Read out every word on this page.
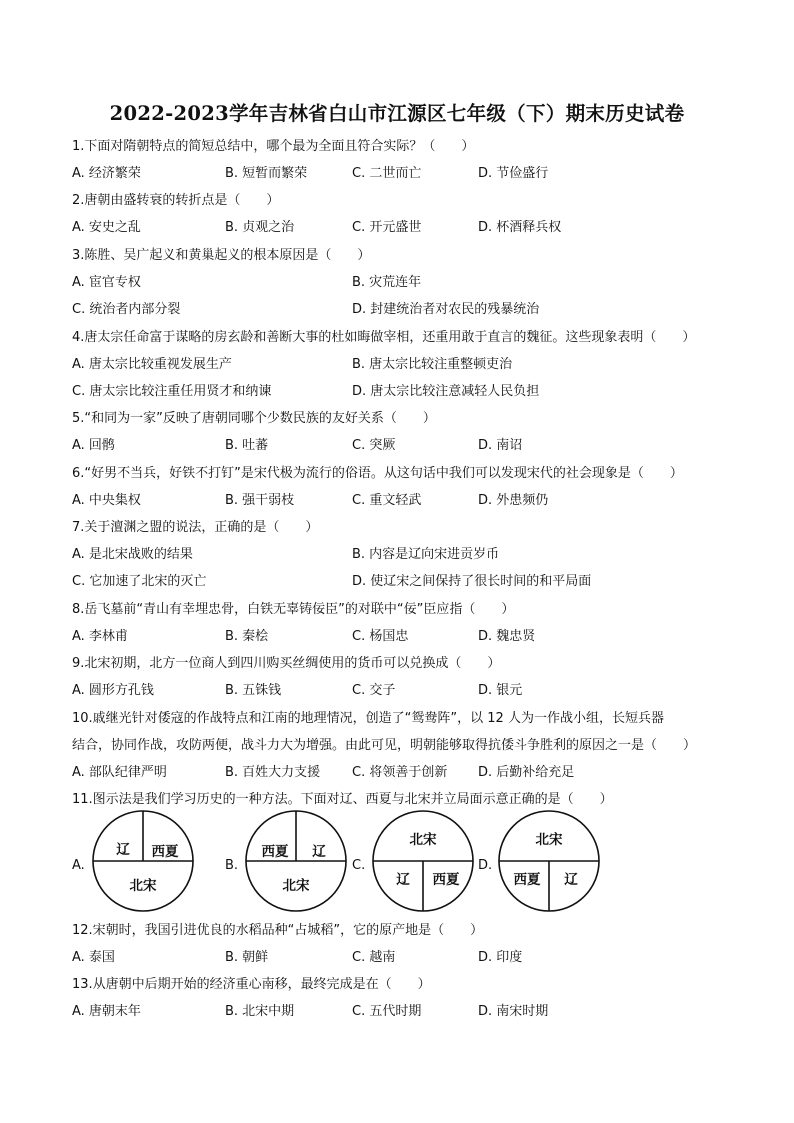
2022-2023学年吉林省白山市江源区七年级（下）期末历史试卷
1.下面对隋朝特点的简短总结中，哪个最为全面且符合实际？（　　）
A. 经济繁荣	B. 短暂而繁荣	C. 二世而亡	D. 节俭盛行
2.唐朝由盛转衰的转折点是（　　）
A. 安史之乱	B. 贞观之治	C. 开元盛世	D. 杯酒释兵权
3.陈胜、吴广起义和黄巢起义的根本原因是（　　）
A. 宦官专权	B. 灾荒连年
C. 统治者内部分裂	D. 封建统治者对农民的残暴统治
4.唐太宗任命富于谋略的房玄龄和善断大事的杜如晦做宰相，还重用敢于直言的魏征。这些现象表明（　　）
A. 唐太宗比较重视发展生产	B. 唐太宗比较注重整顿吏治
C. 唐太宗比较注重任用贤才和纳谏	D. 唐太宗比较注意减轻人民负担
5.“和同为一家”反映了唐朝同哪个少数民族的友好关系（　　）
A. 回鹘	B. 吐蕃	C. 突厥	D. 南诏
6.“好男不当兵，好铁不打钉”是宋代极为流行的俗语。从这句话中我们可以发现宋代的社会现象是（　　）
A. 中央集权	B. 强干弱枝	C. 重文轻武	D. 外患频仍
7.关于澶渊之盟的说法，正确的是（　　）
A. 是北宋战败的结果	B. 内容是辽向宋进贡岁币
C. 它加速了北宋的灭亡	D. 使辽宋之间保持了很长时间的和平局面
8.岳飞墓前“青山有幸埋忠骨，白铁无辜铸佞臣”的对联中“佞”臣应指（　　）
A. 李林甫	B. 秦桧	C. 杨国忠	D. 魏忠贤
9.北宋初期，北方一位商人到四川购买丝绸使用的货币可以兑换成（　　）
A. 圆形方孔钱	B. 五铢钱	C. 交子	D. 银元
10.戚继光针对倭寇的作战特点和江南的地理情况，创造了“鸳鸯阵”，以 12 人为一作战小组，长短兵器
结合，协同作战，攻防两便，战斗力大为增强。由此可见，明朝能够取得抗倭斗争胜利的原因之一是（　　）
A. 部队纪律严明	B. 百姓大力支援 C. 将领善于创新 D. 后勤补给充足
11.图示法是我们学习历史的一种方法。下面对辽、西夏与北宋并立局面示意正确的是（　　）
A.
辽 西夏
北宋
B.
西夏 辽
北宋
C.
北宋
辽 西夏
D.
北宋
西夏 辽
12.宋朝时，我国引进优良的水稻品种“占城稻”，它的原产地是（　　）
A. 泰国	B. 朝鲜	C. 越南	D. 印度
13.从唐朝中后期开始的经济重心南移，最终完成是在（　　）
A. 唐朝末年	B. 北宋中期	C. 五代时期	D. 南宋时期
